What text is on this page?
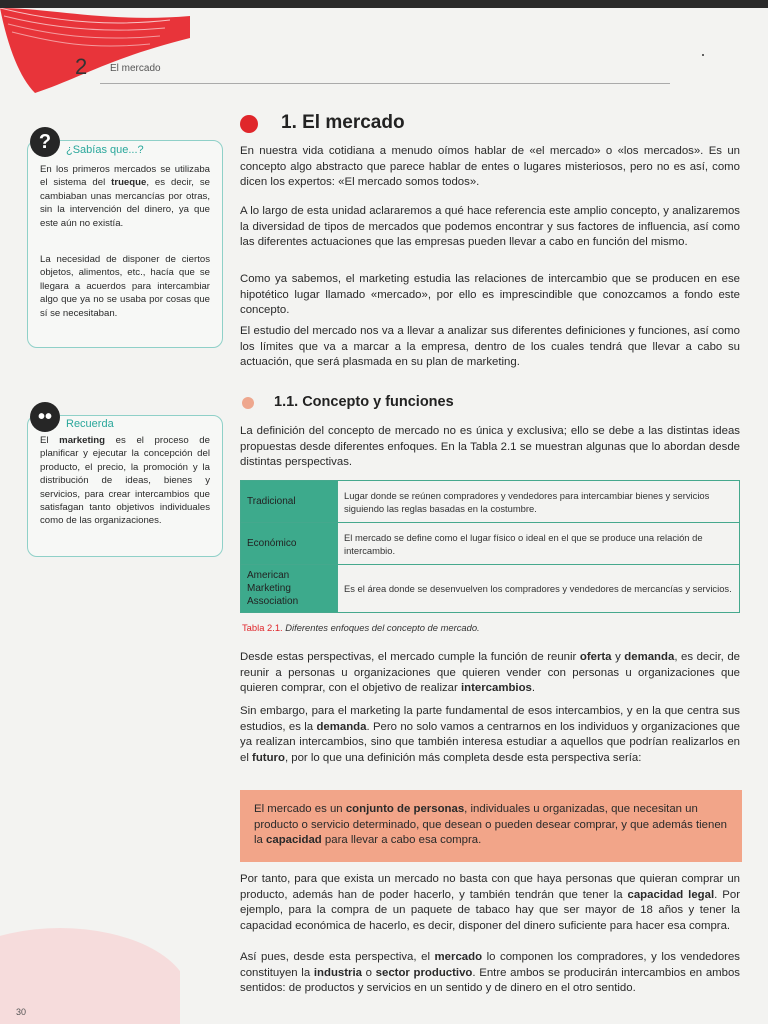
2 El mercado
?	¿Sabías que...?

En los primeros mercados se utilizaba el sistema del trueque, es decir, se cambiaban unas mercancías por otras, sin la intervención del dinero, ya que este aún no existía.

La necesidad de disponer de ciertos objetos, alimentos, etc., hacía que se llegara a acuerdos para intercambiar algo que ya no se usaba por cosas que sí se necesitaban.

••	Recuerda

El marketing es el proceso de planificar y ejecutar la concepción del producto, el precio, la promoción y la distribución de ideas, bienes y servicios, para crear intercambios que satisfagan tanto objetivos individuales como de las organizaciones.

1. El mercado

En nuestra vida cotidiana a menudo oímos hablar de «el mercado» o «los mercados». Es un concepto algo abstracto que parece hablar de entes o lugares misteriosos, pero no es así, como dicen los expertos: «El mercado somos todos».

A lo largo de esta unidad aclararemos a qué hace referencia este amplio concepto, y analizaremos la diversidad de tipos de mercados que podemos encontrar y sus factores de influencia, así como las diferentes actuaciones que las empresas pueden llevar a cabo en función del mismo.

Como ya sabemos, el marketing estudia las relaciones de intercambio que se producen en ese hipotético lugar llamado «mercado», por ello es imprescindible que conozcamos a fondo este concepto.

El estudio del mercado nos va a llevar a analizar sus diferentes definiciones y funciones, así como los límites que va a marcar a la empresa, dentro de los cuales tendrá que llevar a cabo su actuación, que será plasmada en su plan de marketing.

1.1. Concepto y funciones

La definición del concepto de mercado no es única y exclusiva; ello se debe a las distintas ideas propuestas desde diferentes enfoques. En la Tabla 2.1 se muestran algunas que lo abordan desde distintas perspectivas.

Tradicional	Lugar donde se reúnen compradores y vendedores para intercambiar bienes y servicios siguiendo las reglas basadas en la costumbre.
Económico	El mercado se define como el lugar físico o ideal en el que se produce una relación de intercambio.
American Marketing Association	Es el área donde se desenvuelven los compradores y vendedores de mercancías y servicios.
Tabla 2.1. Diferentes enfoques del concepto de mercado.

Desde estas perspectivas, el mercado cumple la función de reunir oferta y demanda, es decir, de reunir a personas u organizaciones que quieren vender con personas u organizaciones que quieren comprar, con el objetivo de realizar intercambios.

Sin embargo, para el marketing la parte fundamental de esos intercambios, y en la que centra sus estudios, es la demanda. Pero no solo vamos a centrarnos en los individuos y organizaciones que ya realizan intercambios, sino que también interesa estudiar a aquellos que podrían realizarlos en el futuro, por lo que una definición más completa desde esta perspectiva sería:

El mercado es un conjunto de personas, individuales u organizadas, que necesitan un producto o servicio determinado, que desean o pueden desear comprar, y que además tienen la capacidad para llevar a cabo esa compra.

Por tanto, para que exista un mercado no basta con que haya personas que quieran comprar un producto, además han de poder hacerlo, y también tendrán que tener la capacidad legal. Por ejemplo, para la compra de un paquete de tabaco hay que ser mayor de 18 años y tener la capacidad económica de hacerlo, es decir, disponer del dinero suficiente para hacer esa compra.

Así pues, desde esta perspectiva, el mercado lo componen los compradores, y los vendedores constituyen la industria o sector productivo. Entre ambos se producirán intercambios en ambos sentidos: de productos y servicios en un sentido y de dinero en el otro sentido.

30
